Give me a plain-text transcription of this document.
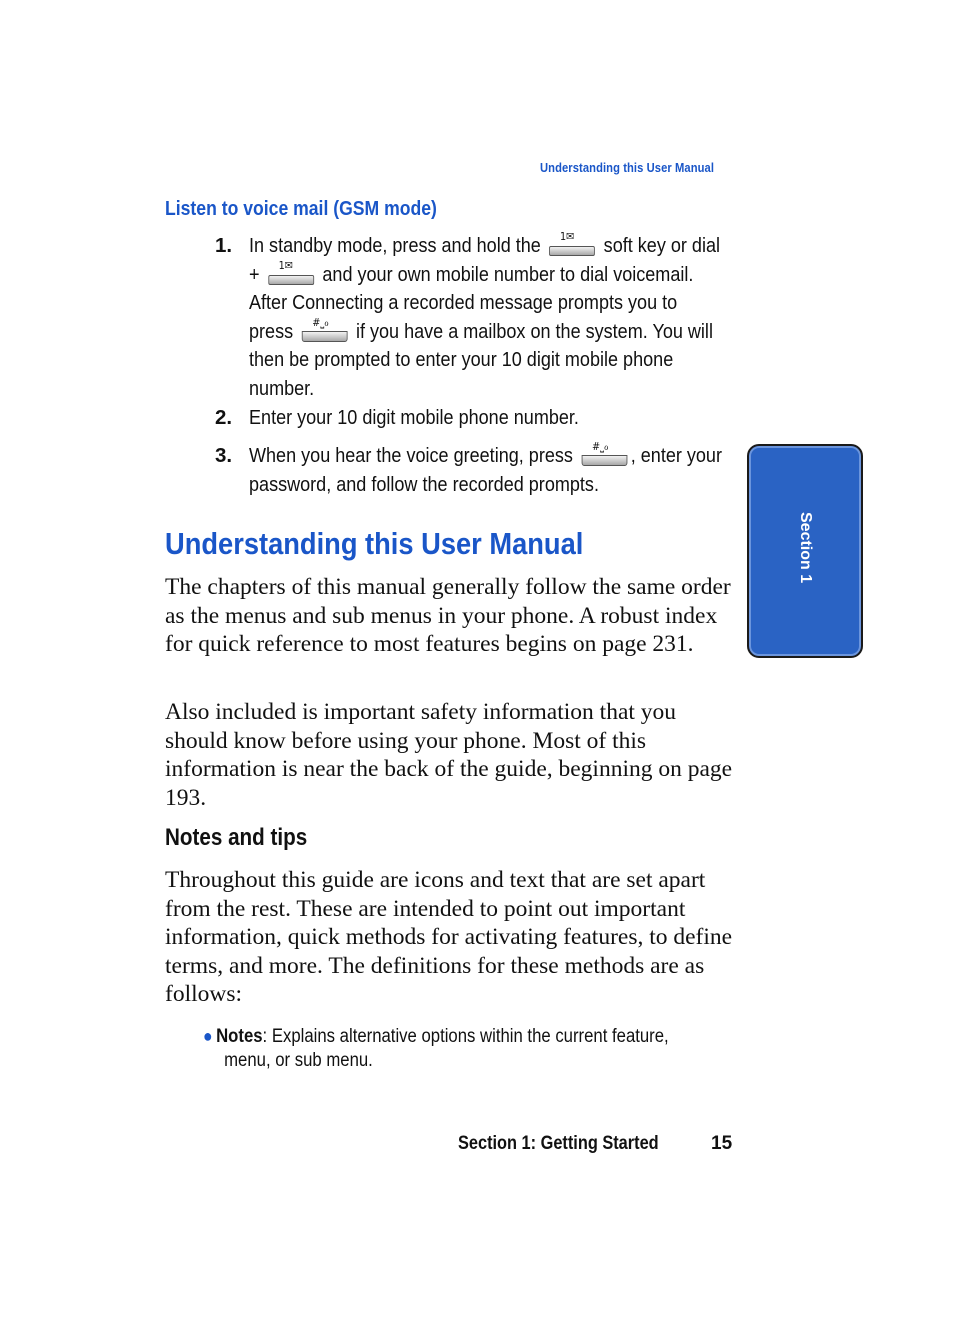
Understanding this User Manual
Listen to voice mail (GSM mode)
1. In standby mode, press and hold the 1✉ soft key or dial + 1✉ and your own mobile number to dial voicemail. After Connecting a recorded message prompts you to press #⎵ℴ if you have a mailbox on the system. You will then be prompted to enter your 10 digit mobile phone number.
2. Enter your 10 digit mobile phone number.
3. When you hear the voice greeting, press #⎵ℴ , enter your password, and follow the recorded prompts.
Understanding this User Manual
The chapters of this manual generally follow the same order as the menus and sub menus in your phone. A robust index for quick reference to most features begins on page 231.
Also included is important safety information that you should know before using your phone. Most of this information is near the back of the guide, beginning on page 193.
Notes and tips
Throughout this guide are icons and text that are set apart from the rest. These are intended to point out important information, quick methods for activating features, to define terms, and more. The definitions for these methods are as follows:
● Notes: Explains alternative options within the current feature,
menu, or sub menu.
Section 1: Getting Started	15
Section 1
